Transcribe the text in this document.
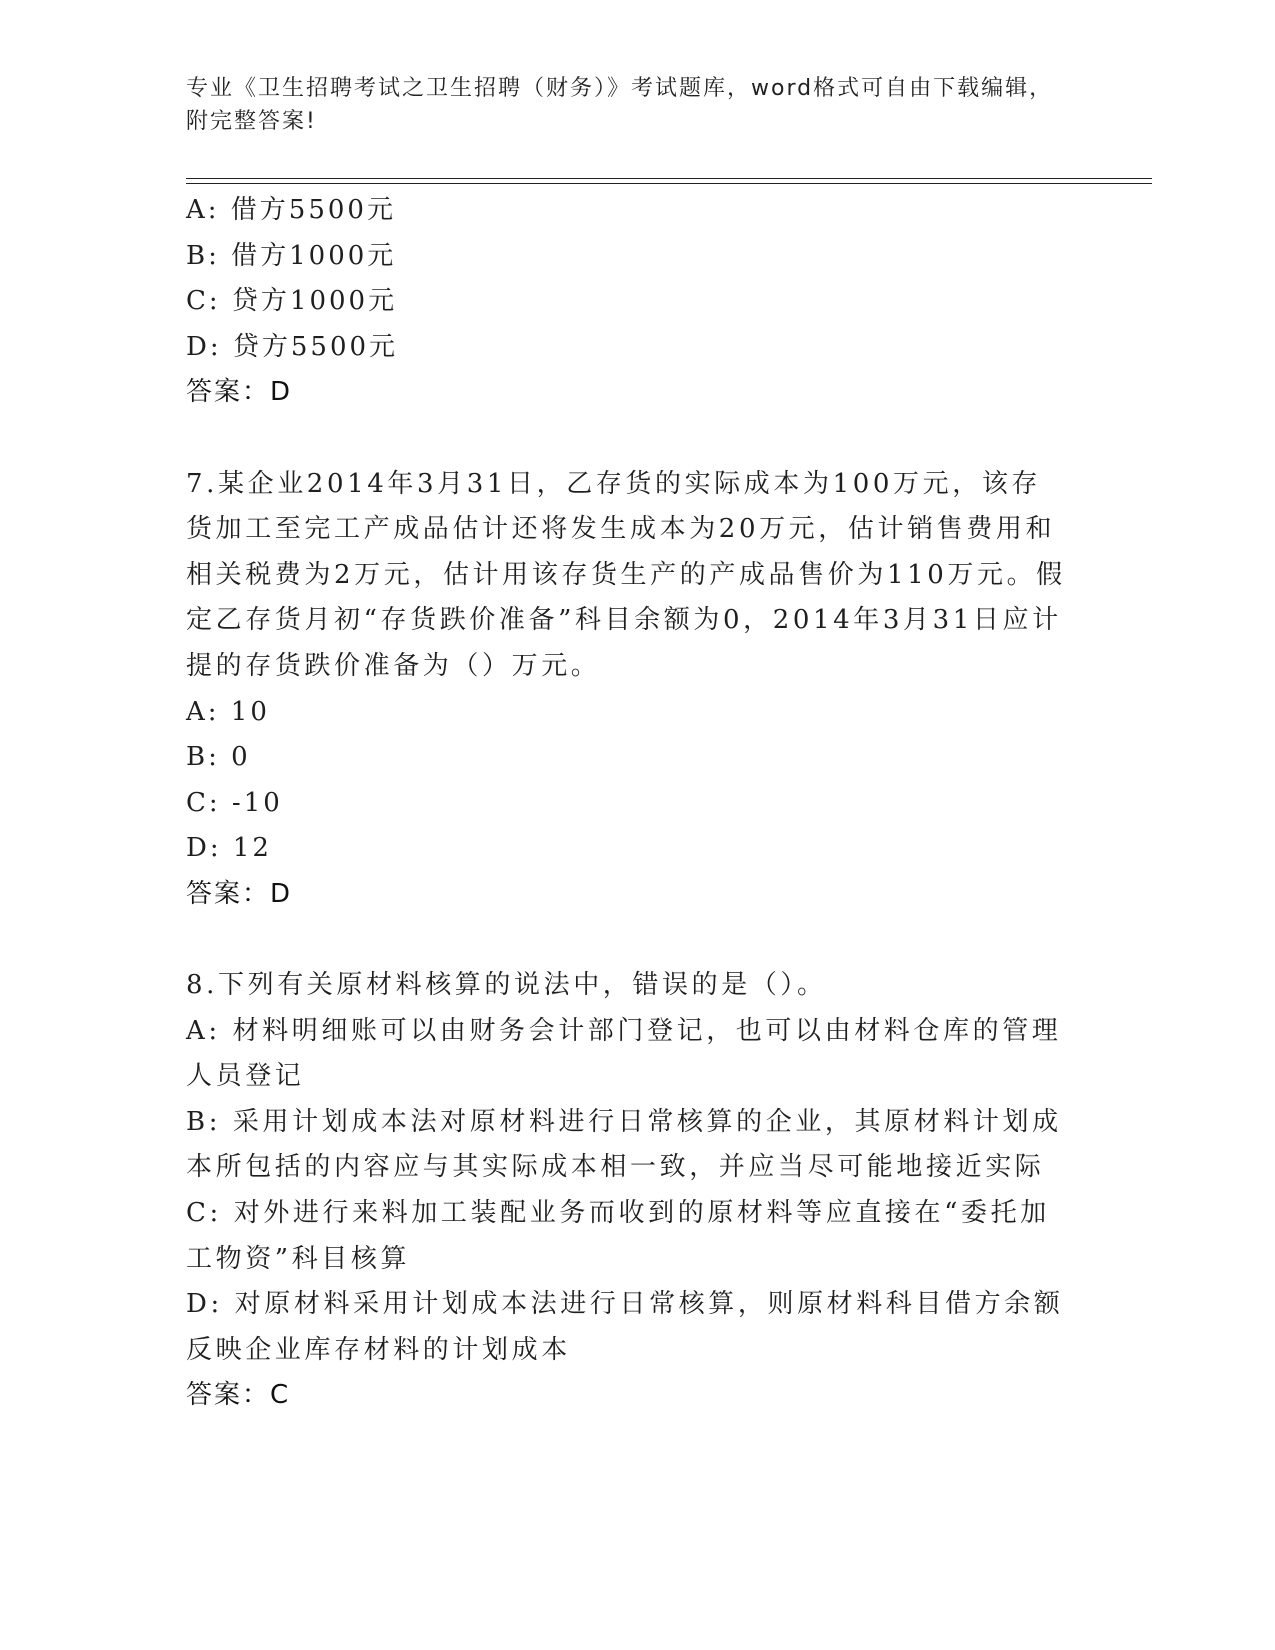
专业《卫生招聘考试之卫生招聘（财务）》考试题库，word格式可自由下载编辑，附完整答案!
A: 借方5500元
B: 借方1000元
C: 贷方1000元
D: 贷方5500元
答案：D
7.某企业2014年3月31日，乙存货的实际成本为100万元，该存货加工至完工产成品估计还将发生成本为20万元，估计销售费用和相关税费为2万元，估计用该存货生产的产成品售价为110万元。假定乙存货月初“存货跌价准备”科目余额为0，2014年3月31日应计提的存货跌价准备为（）万元。
A: 10
B: 0
C: -10
D: 12
答案：D
8.下列有关原材料核算的说法中，错误的是（）。
A: 材料明细账可以由财务会计部门登记，也可以由材料仓库的管理人员登记
B: 采用计划成本法对原材料进行日常核算的企业，其原材料计划成本所包括的内容应与其实际成本相一致，并应当尽可能地接近实际
C: 对外进行来料加工装配业务而收到的原材料等应直接在“委托加工物资”科目核算
D: 对原材料采用计划成本法进行日常核算，则原材料科目借方余额反映企业库存材料的计划成本
答案：C
